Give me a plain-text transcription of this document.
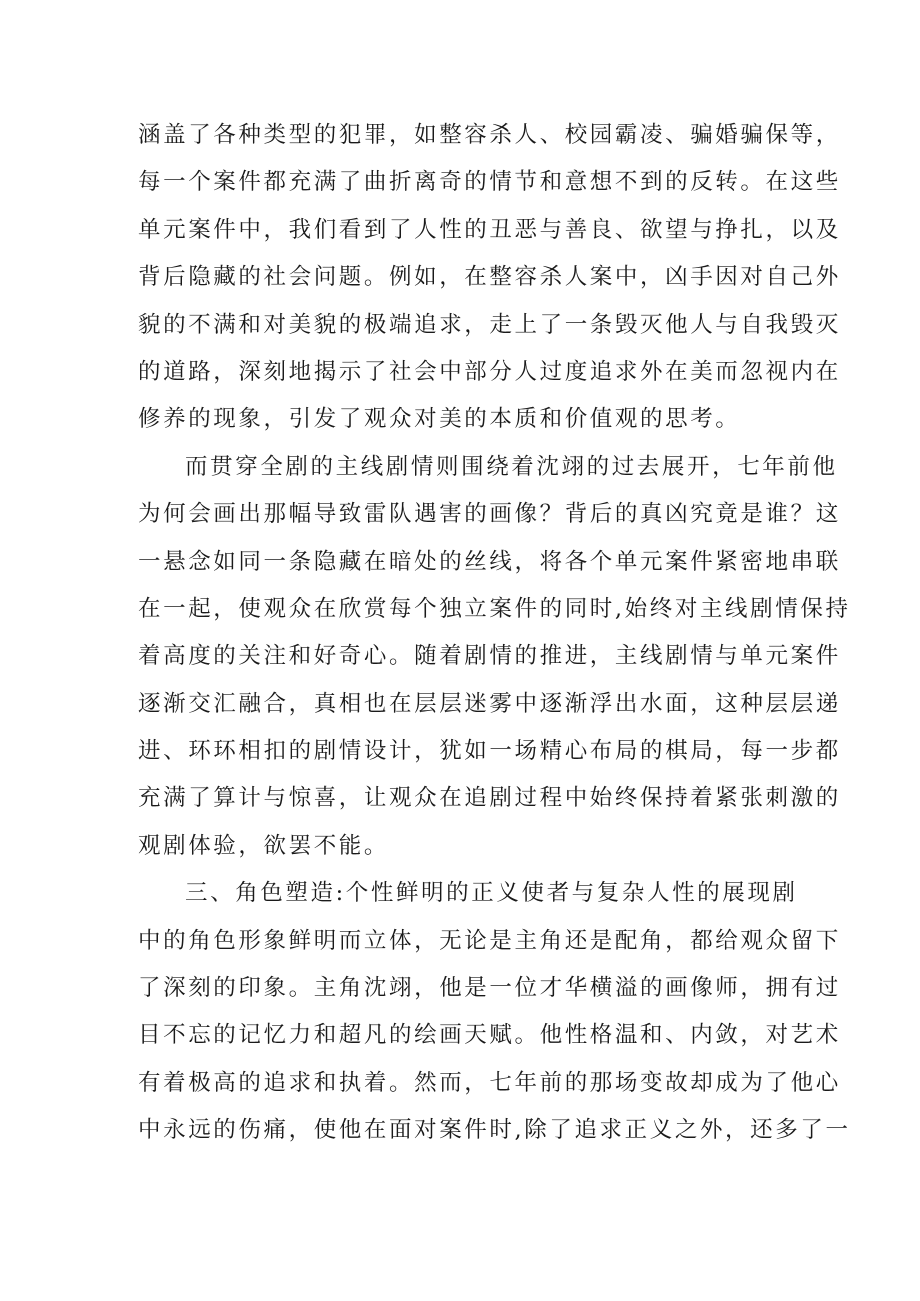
涵盖了各种类型的犯罪，如整容杀人、校园霸凌、骗婚骗保等，
每一个案件都充满了曲折离奇的情节和意想不到的反转。在这些
单元案件中，我们看到了人性的丑恶与善良、欲望与挣扎，以及
背后隐藏的社会问题。例如，在整容杀人案中，凶手因对自己外
貌的不满和对美貌的极端追求，走上了一条毁灭他人与自我毁灭
的道路，深刻地揭示了社会中部分人过度追求外在美而忽视内在
修养的现象，引发了观众对美的本质和价值观的思考。
而贯穿全剧的主线剧情则围绕着沈翊的过去展开，七年前他
为何会画出那幅导致雷队遇害的画像？背后的真凶究竟是谁？这
一悬念如同一条隐藏在暗处的丝线，将各个单元案件紧密地串联
在一起，使观众在欣赏每个独立案件的同时,始终对主线剧情保持
着高度的关注和好奇心。随着剧情的推进，主线剧情与单元案件
逐渐交汇融合，真相也在层层迷雾中逐渐浮出水面，这种层层递
进、环环相扣的剧情设计，犹如一场精心布局的棋局，每一步都
充满了算计与惊喜，让观众在追剧过程中始终保持着紧张刺激的
观剧体验，欲罢不能。
三、角色塑造:个性鲜明的正义使者与复杂人性的展现剧
中的角色形象鲜明而立体，无论是主角还是配角，都给观众留下
了深刻的印象。主角沈翊，他是一位才华横溢的画像师，拥有过
目不忘的记忆力和超凡的绘画天赋。他性格温和、内敛，对艺术
有着极高的追求和执着。然而，七年前的那场变故却成为了他心
中永远的伤痛，使他在面对案件时,除了追求正义之外，还多了一
